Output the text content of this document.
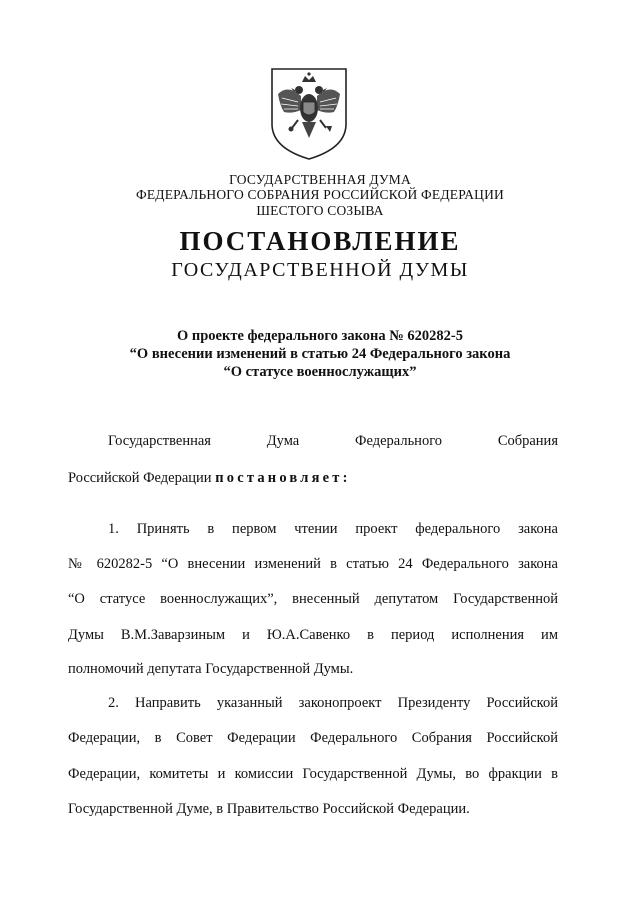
ГОСУДАРСТВЕННАЯ ДУМА
ФЕДЕРАЛЬНОГО СОБРАНИЯ РОССИЙСКОЙ ФЕДЕРАЦИИ
ШЕСТОГО СОЗЫВА
ПОСТАНОВЛЕНИЕ
ГОСУДАРСТВЕННОЙ ДУМЫ
О проекте федерального закона № 620282-5
“О внесении изменений в статью 24 Федерального закона
“О статусе военнослужащих”
Государственная Дума Федерального Собрания
Российской Федерации постановляет:
1. Принять в первом чтении проект федерального закона
№ 620282-5 “О внесении изменений в статью 24 Федерального закона
“О статусе военнослужащих”, внесенный депутатом Государственной
Думы В.М.Заварзиным и Ю.А.Савенко в период исполнения им
полномочий депутата Государственной Думы.
2. Направить указанный законопроект Президенту Российской
Федерации, в Совет Федерации Федерального Собрания Российской
Федерации, комитеты и комиссии Государственной Думы, во фракции в
Государственной Думе, в Правительство Российской Федерации.
